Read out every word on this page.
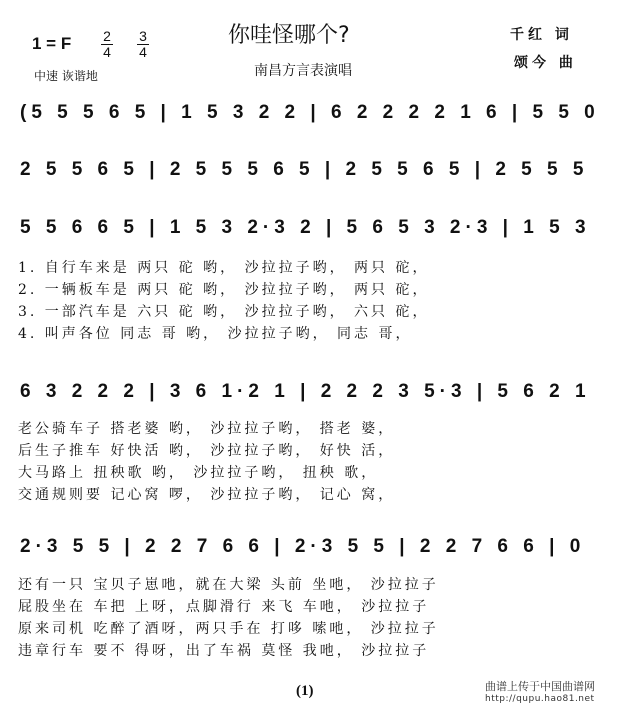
1 = F 2
4
3
4
中速 诙谐地
你哇怪哪个?
南昌方言表演唱
千红 词
颂今 曲
(5 5 5 6 5 | 1 5 3 2 2 | 6 2 2 2 2 1 6 | 5 5 0
2 5 5 6 5 | 2 5 5 5 6 5 | 2 5 5 6 5 | 2 5 5 5
5 5 6 6 5 | 1 5 3 2·3 2 | 5 6 5 3 2·3 | 1 5 3
1. 自行车来是 两只 砣 哟， 沙拉拉子哟， 两只 砣，
2. 一辆板车是 两只 砣 哟， 沙拉拉子哟， 两只 砣，
3. 一部汽车是 六只 砣 哟， 沙拉拉子哟， 六只 砣，
4. 叫声各位 同志 哥 哟， 沙拉拉子哟， 同志 哥，
6 3 2 2 2 | 3 6 1·2 1 | 2 2 2 3 5·3 | 5 6 2 1
老公骑车子 搭老婆 哟， 沙拉拉子哟， 搭老 婆，
后生子推车 好快活 哟， 沙拉拉子哟， 好快 活，
大马路上 扭秧歌 哟， 沙拉拉子哟， 扭秧 歌，
交通规则要 记心窝 啰， 沙拉拉子哟， 记心 窝，
2·3 5 5 | 2 2 7 6 6 | 2·3 5 5 | 2 2 7 6 6 | 0
还有一只 宝贝子崽吔，就在大梁 头前 坐吔， 沙拉拉子
屁股坐在 车把 上呀，点脚滑行 来飞 车吔， 沙拉拉子
原来司机 吃醉了酒呀，两只手在 打哆 嗦吔， 沙拉拉子
违章行车 要不 得呀，出了车祸 莫怪 我吔， 沙拉拉子
(1)	曲谱上传于中国曲谱网
http://qupu.hao81.net
